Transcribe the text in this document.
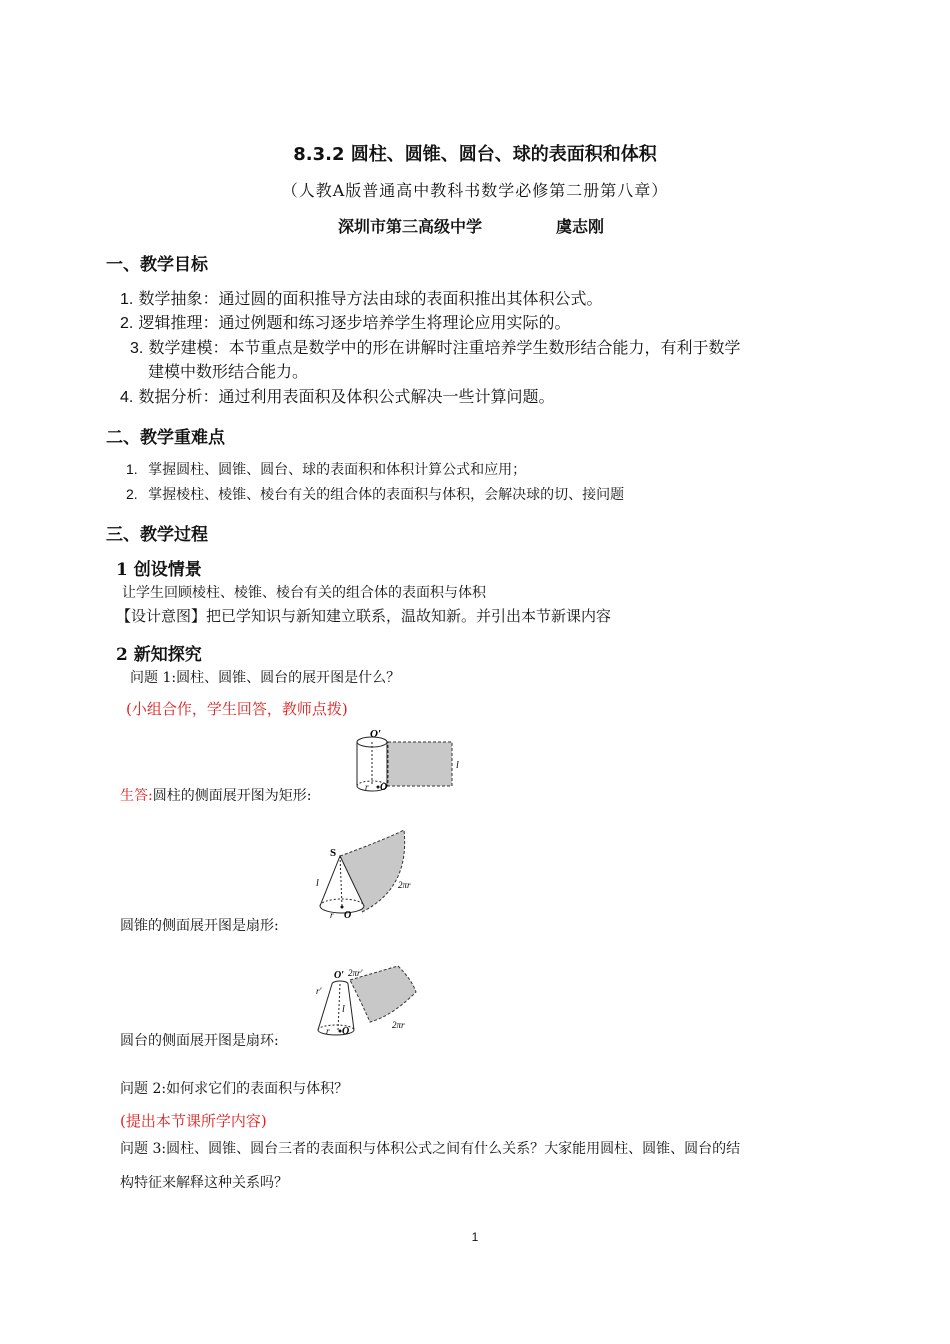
8.3.2 圆柱、圆锥、圆台、球的表面积和体积
（人教A版普通高中教科书数学必修第二册第八章）
深圳市第三高级中学	虞志刚
一、教学目标
1. 数学抽象：通过圆的面积推导方法由球的表面积推出其体积公式。
2. 逻辑推理：通过例题和练习逐步培养学生将理论应用实际的。
3. 数学建模：本节重点是数学中的形在讲解时注重培养学生数形结合能力，有利于数学
建模中数形结合能力。
4. 数据分析：通过利用表面积及体积公式解决一些计算问题。
二、教学重难点
1. 掌握圆柱、圆锥、圆台、球的表面积和体积计算公式和应用；
2. 掌握棱柱、棱锥、棱台有关的组合体的表面积与体积，会解决球的切、接问题
三、教学过程
1 创设情景
让学生回顾棱柱、棱锥、棱台有关的组合体的表面积与体积
【设计意图】把已学知识与新知建立联系，温故知新。并引出本节新课内容
2 新知探究
问题 1:圆柱、圆锥、圆台的展开图是什么？
(小组合作，学生回答，教师点拨)
生答:圆柱的侧面展开图为矩形:
O′
O
r
l
圆锥的侧面展开图是扇形:
S
l
r O
2πr
圆台的侧面展开图是扇环:
O′ 2πr′
r′
l
r O
2πr
问题 2:如何求它们的表面积与体积？
(提出本节课所学内容)
问题 3:圆柱、圆锥、圆台三者的表面积与体积公式之间有什么关系？大家能用圆柱、圆锥、圆台的结
构特征来解释这种关系吗？
1
